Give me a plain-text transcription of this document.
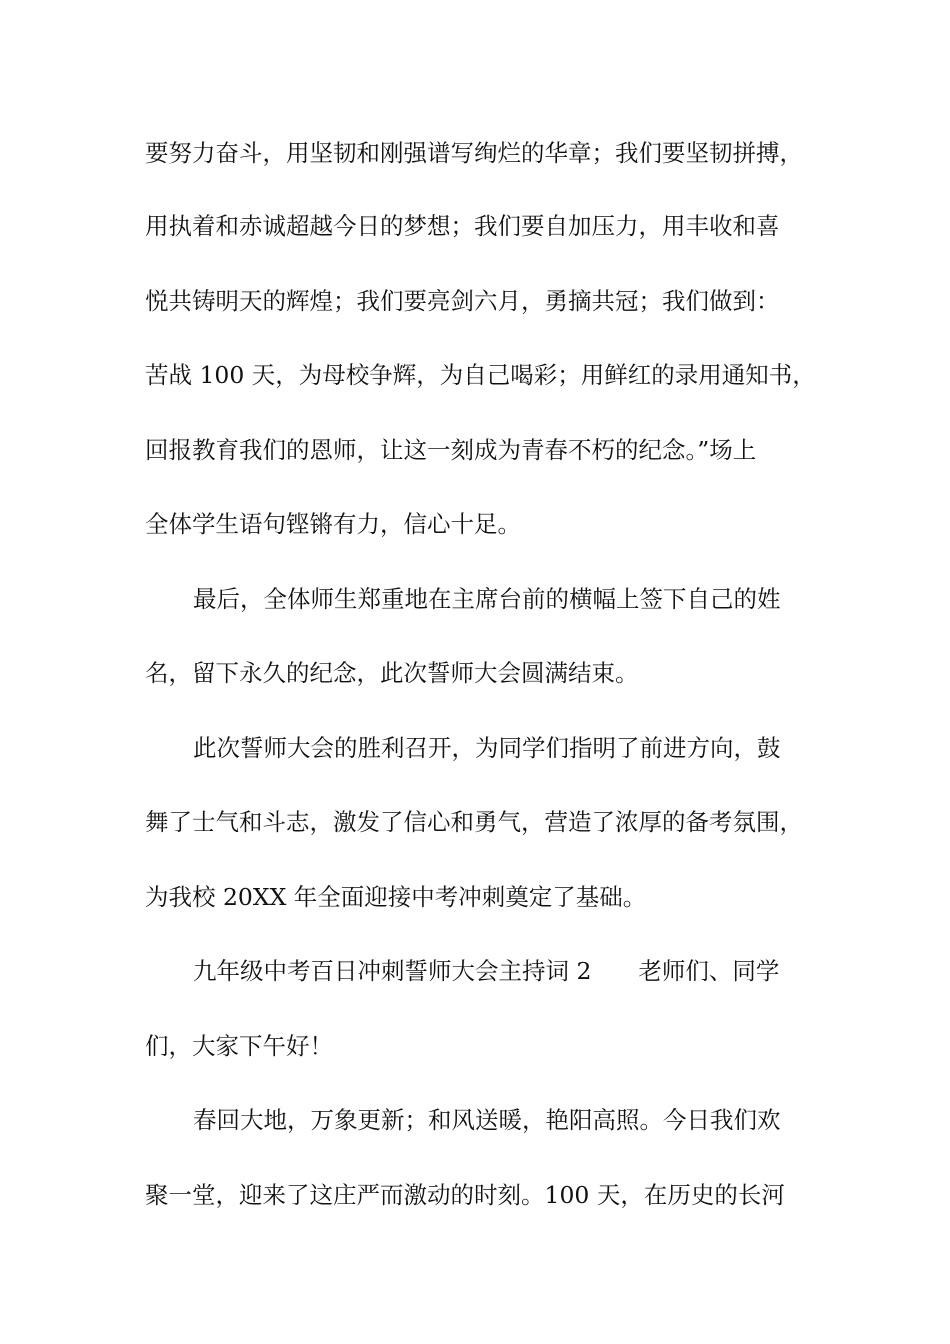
要努力奋斗，用坚韧和刚强谱写绚烂的华章；我们要坚韧拼搏，
用执着和赤诚超越今日的梦想；我们要自加压力，用丰收和喜
悦共铸明天的辉煌；我们要亮剑六月，勇摘共冠；我们做到：
苦战 100 天，为母校争辉，为自己喝彩；用鲜红的录用通知书，
回报教育我们的恩师，让这一刻成为青春不朽的纪念。”场上
全体学生语句铿锵有力，信心十足。
最后，全体师生郑重地在主席台前的横幅上签下自己的姓
名，留下永久的纪念，此次誓师大会圆满结束。
此次誓师大会的胜利召开，为同学们指明了前进方向，鼓
舞了士气和斗志，激发了信心和勇气，营造了浓厚的备考氛围，
为我校 20XX 年全面迎接中考冲刺奠定了基础。
九年级中考百日冲刺誓师大会主持词 2　　老师们、同学
们，大家下午好！
春回大地，万象更新；和风送暖，艳阳高照。今日我们欢
聚一堂，迎来了这庄严而激动的时刻。100 天，在历史的长河
